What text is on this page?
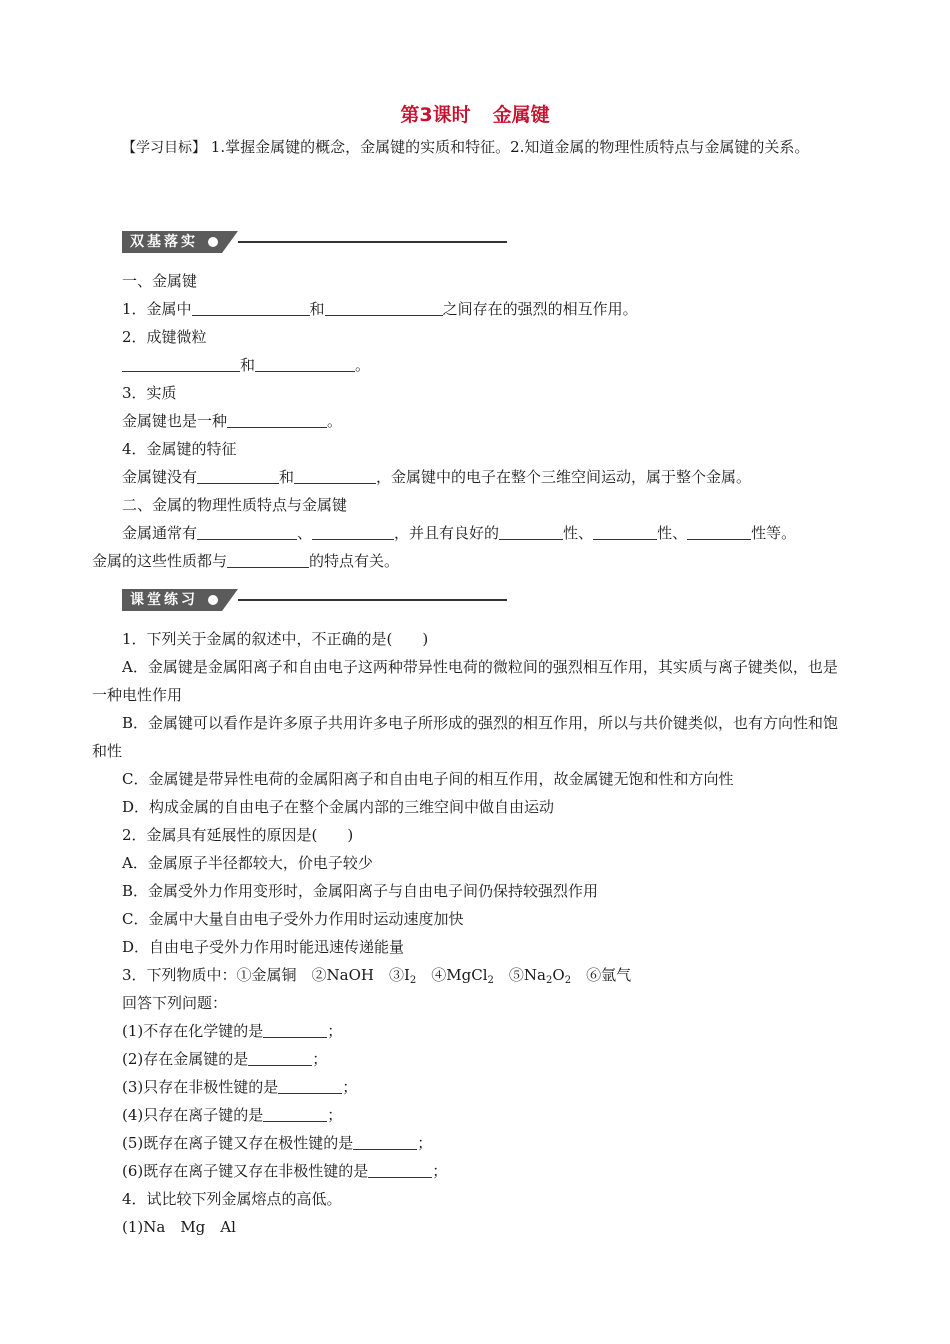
第3课时 金属键
【学习目标】 1.掌握金属键的概念，金属键的实质和特征。2.知道金属的物理性质特点与金属键的关系。
双基落实
一、金属键
1．金属中	和	之间存在的强烈的相互作用。
2．成键微粒
和	。
3．实质
金属键也是一种	。
4．金属键的特征
金属键没有	和	，金属键中的电子在整个三维空间运动，属于整个金属。
二、金属的物理性质特点与金属键
金属通常有	、	，并且有良好的	性、	性、	性等。
金属的这些性质都与	的特点有关。
课堂练习
1．下列关于金属的叙述中，不正确的是(　　)
A．金属键是金属阳离子和自由电子这两种带异性电荷的微粒间的强烈相互作用，其实质与离子键类似，也是一种电性作用
B．金属键可以看作是许多原子共用许多电子所形成的强烈的相互作用，所以与共价键类似，也有方向性和饱和性
C．金属键是带异性电荷的金属阳离子和自由电子间的相互作用，故金属键无饱和性和方向性
D．构成金属的自由电子在整个金属内部的三维空间中做自由运动
2．金属具有延展性的原因是(　　)
A．金属原子半径都较大，价电子较少
B．金属受外力作用变形时，金属阳离子与自由电子间仍保持较强烈作用
C．金属中大量自由电子受外力作用时运动速度加快
D．自由电子受外力作用时能迅速传递能量
3．下列物质中：①金属铜　②NaOH　$③I_2$　④MgCl$_2$　$⑤Na_2O_2$　⑥氩气
回答下列问题：
(1)不存在化学键的是	；
(2)存在金属键的是	；
(3)只存在非极性键的是	；
(4)只存在离子键的是	；
(5)既存在离子键又存在极性键的是	；
(6)既存在离子键又存在非极性键的是	；
4．试比较下列金属熔点的高低。
(1)Na　Mg　Al
